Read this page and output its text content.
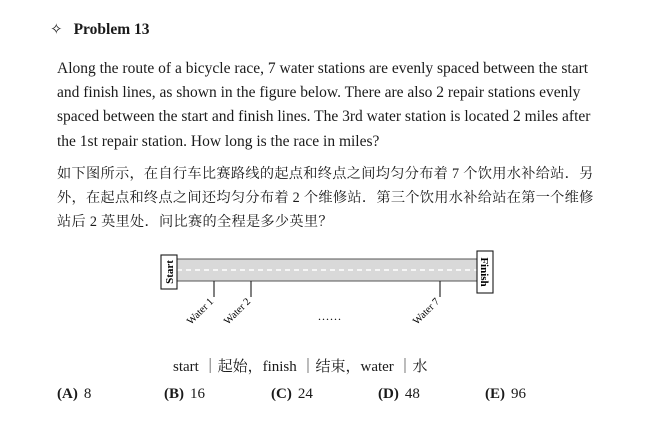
✧ Problem 13
Along the route of a bicycle race, 7 water stations are evenly spaced between the start and finish lines, as shown in the figure below. There are also 2 repair stations evenly spaced between the start and finish lines. The 3rd water station is located 2 miles after the 1st repair station. How long is the race in miles?
如下图所示，在自行车比赛路线的起点和终点之间均匀分布着 7 个饮用水补给站．另外，在起点和终点之间还均匀分布着 2 个维修站．第三个饮用水补给站在第一个维修站后 2 英里处．问比赛的全程是多少英里？
Start	Finish
Water 1 Water 2	Water 7
......
start ｜起始，finish ｜结束，water ｜水
(A) 8	(B) 16	(C) 24	(D) 48	(E) 96
